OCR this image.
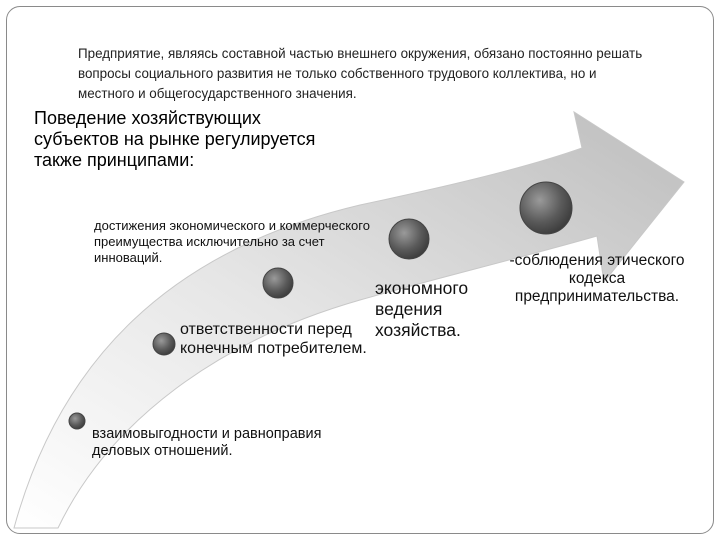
Предприятие, являясь составной частью внешнего окружения, обязано постоянно решать вопросы социального развития не только собственного трудового коллектива, но и местного и общегосударственного значения.

Поведение хозяйствующих субъектов на рынке регулируется также принципами:

достижения экономического и коммерческого преимущества исключительно за счет инноваций.

ответственности перед конечным потребителем.

взаимовыгодности и равноправия деловых отношений.

экономного ведения хозяйства.

-соблюдения этического кодекса предпринимательства.
